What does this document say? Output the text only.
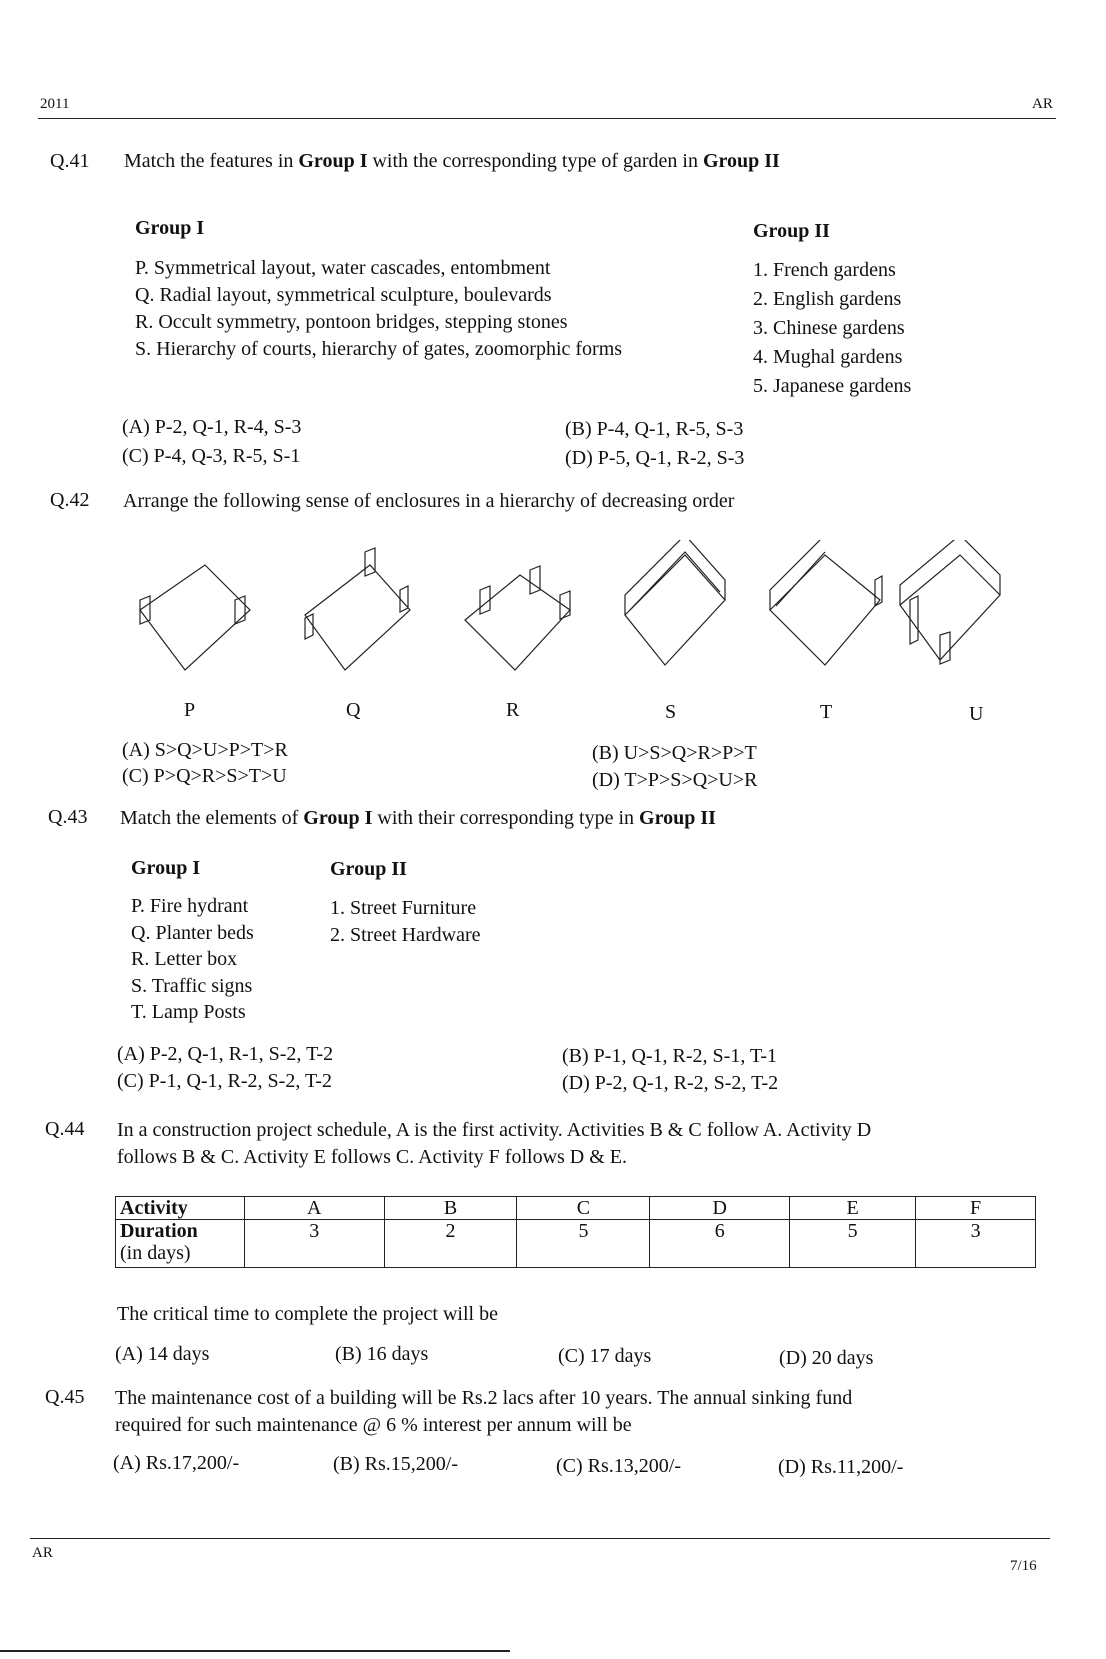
2011	AR
Q.41 Match the features in Group I with the corresponding type of garden in Group II
Group I	Group II
P. Symmetrical layout, water cascades, entombment
Q. Radial layout, symmetrical sculpture, boulevards
R. Occult symmetry, pontoon bridges, stepping stones
S. Hierarchy of courts, hierarchy of gates, zoomorphic forms
1. French gardens
2. English gardens
3. Chinese gardens
4. Mughal gardens
5. Japanese gardens
(A) P-2, Q-1, R-4, S-3	(B) P-4, Q-1, R-5, S-3
(C) P-4, Q-3, R-5, S-1	(D) P-5, Q-1, R-2, S-3
Q.42 Arrange the following sense of enclosures in a hierarchy of decreasing order
P	Q	R	S	T	U
(A) S>Q>U>P>T>R	(B) U>S>Q>R>P>T
(C) P>Q>R>S>T>U	(D) T>P>S>Q>U>R
Q.43 Match the elements of Group I with their corresponding type in Group II
Group I	Group II
P. Fire hydrant
Q. Planter beds
R. Letter box
S. Traffic signs
T. Lamp Posts
1. Street Furniture
2. Street Hardware
(A) P-2, Q-1, R-1, S-2, T-2	(B) P-1, Q-1, R-2, S-1, T-1
(C) P-1, Q-1, R-2, S-2, T-2	(D) P-2, Q-1, R-2, S-2, T-2
Q.44 In a construction project schedule, A is the first activity. Activities B & C follow A. Activity D
follows B & C. Activity E follows C. Activity F follows D & E.
Activity	A	B	C	D	E	F
Duration
(in days)	3	2	5	6	5	3
The critical time to complete the project will be
(A) 14 days	(B) 16 days	(C) 17 days	(D) 20 days
Q.45 The maintenance cost of a building will be Rs.2 lacs after 10 years. The annual sinking fund
required for such maintenance @ 6 % interest per annum will be
(A) Rs.17,200/-	(B) Rs.15,200/-	(C) Rs.13,200/-	(D) Rs.11,200/-
AR
7/16
